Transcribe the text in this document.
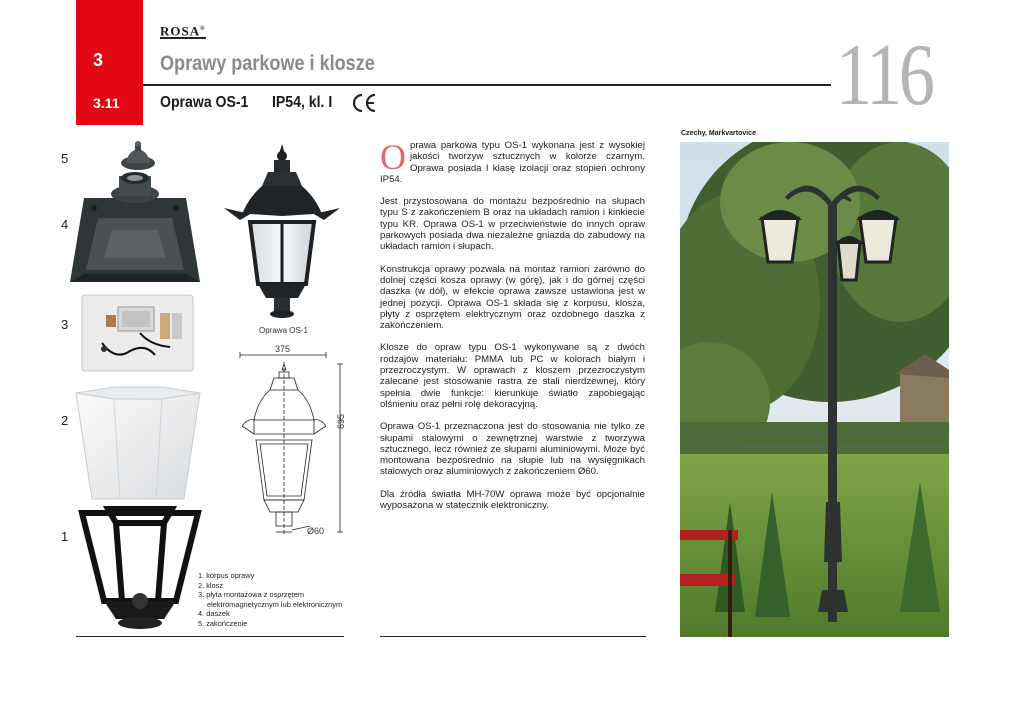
3
3.11
ROSA®
Oprawy parkowe i klosze
Oprawa OS-1 IP54, kl. I	116
5
4
3
2
1
Oprawa OS-1
375
695
Ø60
1. korpus oprawy
2. klosz
3. płyta montażowa z osprzętem
elektromagnetycznym lub elektronicznym
4. daszek
5. zakończenie

Oprawa parkowa typu OS-1 wykonana jest z wysokiej jakości tworzyw sztucznych w kolorze czarnym. Oprawa posiada I klasę izolacji oraz stopień ochrony IP54.

Jest przystosowana do montażu bezpośrednio na słupach typu S z zakończeniem B oraz na układach ramion i kinkiecie typu KR. Oprawa OS-1 w przeciwieństwie do innych opraw parkowych posiada dwa niezależne gniazda do zabudowy na układach ramion i słupach.

Konstrukcja oprawy pozwala na montaż ramion zarówno do dolnej części kosza oprawy (w górę), jak i do górnej części daszka (w dół), w efekcie oprawa zawsze ustawiona jest w jednej pozycji. Oprawa OS-1 składa się z korpusu, klosza, płyty z osprzętem elektrycznym oraz ozdobnego daszka z zakończeniem.

Klosze do opraw typu OS-1 wykonywane są z dwóch rodzajów materiału: PMMA lub PC w kolorach białym i przezroczystym. W oprawach z kloszem przezroczystym zalecane jest stosowanie rastra ze stali nierdzewnej, który spełnia dwie funkcje: kierunkuje światło zapobiegając olśnieniu oraz pełni rolę dekoracyjną.

Oprawa OS-1 przeznaczona jest do stosowania nie tylko ze słupami stalowymi o zewnętrznej warstwie z tworzywa sztucznego, lecz również ze słupami aluminiowymi. Może być montowana bezpośrednio na słupie lub na wysięgnikach stalowych oraz aluminiowych z zakończeniem Ø60.

Dla źródła światła MH-70W oprawa może być opcjonalnie wyposażona w statecznik elektroniczny.

Czechy, Markvartovice
